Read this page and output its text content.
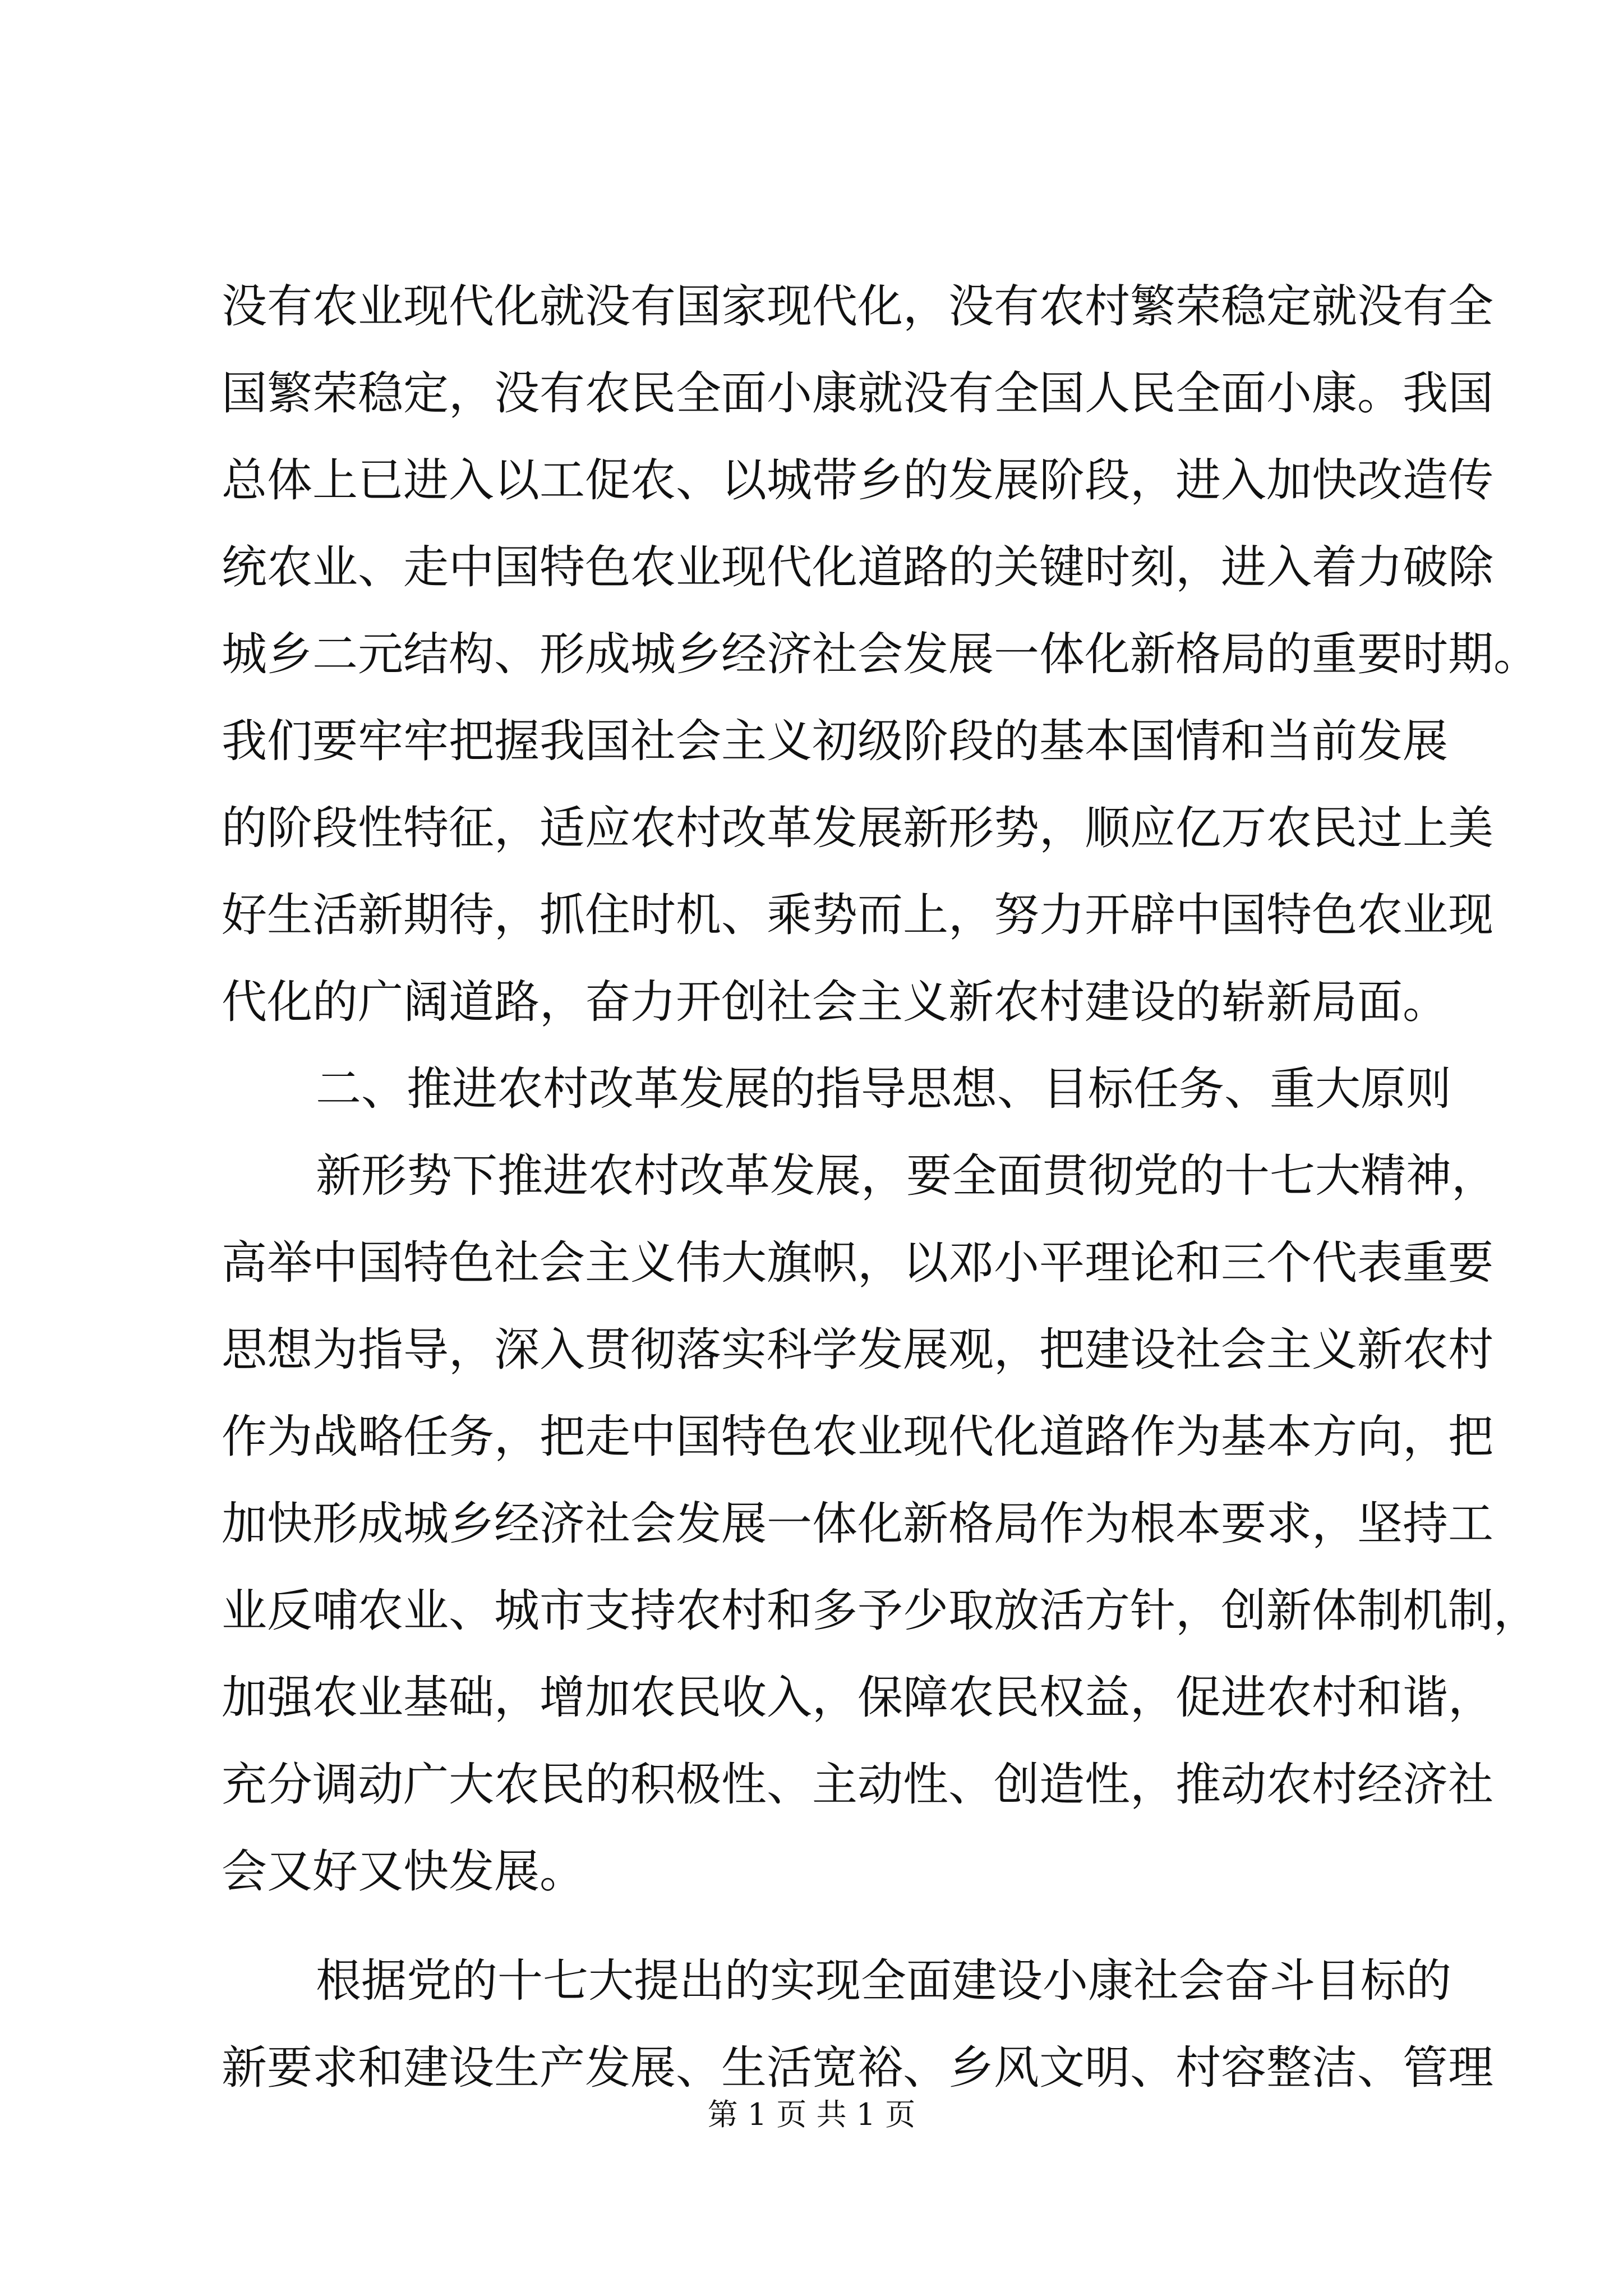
没有农业现代化就没有国家现代化，没有农村繁荣稳定就没有全
国繁荣稳定，没有农民全面小康就没有全国人民全面小康。我国
总体上已进入以工促农、以城带乡的发展阶段，进入加快改造传
统农业、走中国特色农业现代化道路的关键时刻，进入着力破除
城乡二元结构、形成城乡经济社会发展一体化新格局的重要时期。
我们要牢牢把握我国社会主义初级阶段的基本国情和当前发展
的阶段性特征，适应农村改革发展新形势，顺应亿万农民过上美
好生活新期待，抓住时机、乘势而上，努力开辟中国特色农业现
代化的广阔道路，奋力开创社会主义新农村建设的崭新局面。
二、推进农村改革发展的指导思想、目标任务、重大原则
新形势下推进农村改革发展，要全面贯彻党的十七大精神，
高举中国特色社会主义伟大旗帜，以邓小平理论和三个代表重要
思想为指导，深入贯彻落实科学发展观，把建设社会主义新农村
作为战略任务，把走中国特色农业现代化道路作为基本方向，把
加快形成城乡经济社会发展一体化新格局作为根本要求，坚持工
业反哺农业、城市支持农村和多予少取放活方针，创新体制机制，
加强农业基础，增加农民收入，保障农民权益，促进农村和谐，
充分调动广大农民的积极性、主动性、创造性，推动农村经济社
会又好又快发展。
根据党的十七大提出的实现全面建设小康社会奋斗目标的
新要求和建设生产发展、生活宽裕、乡风文明、村容整洁、管理
第 1 页 共 1 页
